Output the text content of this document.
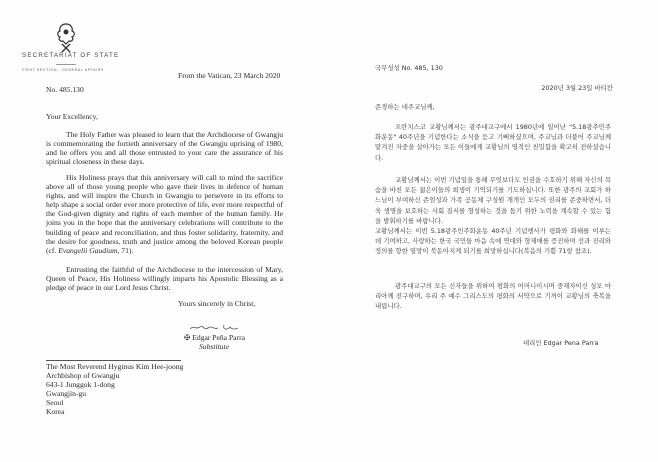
SECRETARIAT OF STATE
FIRST SECTION - GENERAL AFFAIRS
From the Vatican, 23 March 2020
No. 485.130
Your Excellency,
The Holy Father was pleased to learn that the Archdiocese of Gwangju is commemorating the fortieth anniversary of the Gwangju uprising of 1980, and he offers you and all those entrusted to your care the assurance of his spiritual closeness in these days.
His Holiness prays that this anniversary will call to mind the sacrifice above all of those young people who gave their lives in defence of human rights, and will inspire the Church in Gwangju to persevere in its efforts to help shape a social order ever more protective of life, ever more respectful of the God-given dignity and rights of each member of the human family. He joins you in the hope that the anniversary celebrations will contribute to the building of peace and reconciliation, and thus foster solidarity, fraternity, and the desire for goodness, truth and justice among the beloved Korean people (cf. Evangelii Gaudium, 71).
Entrusting the faithful of the Archdiocese to the intercession of Mary, Queen of Peace, His Holiness willingly imparts his Apostolic Blessing as a pledge of peace in our Lord Jesus Christ.
Yours sincerely in Christ,
✠ Edgar Peña Parra
Substitute
The Most Reverend Hyginus Kim Hee-joong
Archbishop of Gwangju
643-1 Junggok 1-dong
Gwangjin-gu
Seoul
Korea
국무성성 No. 485, 130
2020년 3월 23일 바티칸
존경하는 대주교님께,
프란치스코 교황님께서는 광주대교구에서 1980년에 일어난 "5.18광주민주화운동" 40주년을 기념한다는 소식을 듣고 기뻐하셨으며, 주교님과 더불어 주교님께 맡겨진 자중을 살아가는 모든 이들에게 교황님의 영적인 친밀함을 확고히 전하셨습니다.
교황님께서는 이번 기념일을 통해 무엇보다도 인권을 수호하기 위해 자신의 목숨을 바친 모든 젊은이들의 희생이 기억되기를 기도하십니다. 또한 광주의 교회가 하느님이 부여하신 존엄성과 가족 공동체 구성원 개개인 모두의 권리를 존중하면서, 더욱 생명을 보호하는 사회 질서를 형성하는 것을 돕기 위한 노력을 계속할 수 있는 힘을 발휘하기를 바랍니다.
교황님께서는 이번 5.18광주민주화운동 40주년 기념행사가 평화와 화해를 이루는 데 기여하고, 사랑하는 한국 국민들 마음 속에 연대와 형제애를 증진하며 선과 진리와 정의를 향한 열망이 북돋아지게 되기를 희망하십니다(복음의 기쁨 71항 참조).
광주대교구의 모든 신자들을 위하여 평화의 어머니이시며 중재자이신 성모 마리아께 전구하며, 우리 주 예수 그리스도의 평화의 서약으로 기꺼이 교황님의 축복을 내립니다.
대리인 Edgar Pena Parra
